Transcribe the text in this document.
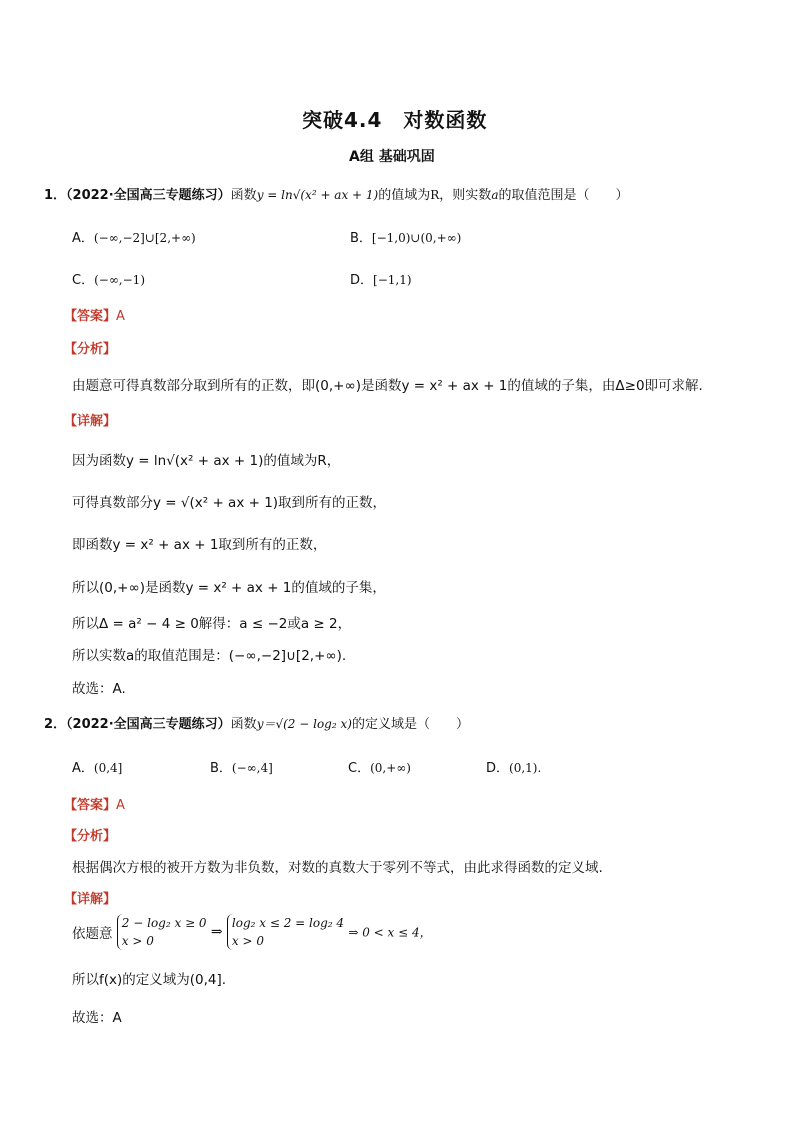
突破4.4　对数函数
A组 基础巩固
1．（2022·全国高三专题练习）函数y = ln√(x² + ax + 1)的值域为R，则实数a的取值范围是（　　）
A．(−∞,−2]∪[2,+∞)	B．[−1,0)∪(0,+∞)
C．(−∞,−1)	D．[−1,1)
【答案】A
【分析】
由题意可得真数部分取到所有的正数，即(0,+∞)是函数y = x² + ax + 1的值域的子集，由Δ≥0即可求解.
【详解】
因为函数y = ln√(x² + ax + 1)的值域为R，
可得真数部分y = √(x² + ax + 1)取到所有的正数，
即函数y = x² + ax + 1取到所有的正数，
所以(0,+∞)是函数y = x² + ax + 1的值域的子集，
所以Δ = a² − 4 ≥ 0解得：a ≤ −2或a ≥ 2，
所以实数a的取值范围是：(−∞,−2]∪[2,+∞).
故选：A.
2．（2022·全国高三专题练习）函数y＝√(2 − log₂ x)的定义域是（　　）
A．(0,4]	B．(−∞,4]	C．(0,+∞)	D．(0,1).
【答案】A
【分析】
根据偶次方根的被开方数为非负数，对数的真数大于零列不等式，由此求得函数的定义域.
【详解】
依题意
2 − log₂ x ≥ 0
x > 0
⇒
log₂ x ≤ 2 = log₂ 4
x > 0
⇒ 0 < x ≤ 4，
所以f(x)的定义域为(0,4].
故选：A
